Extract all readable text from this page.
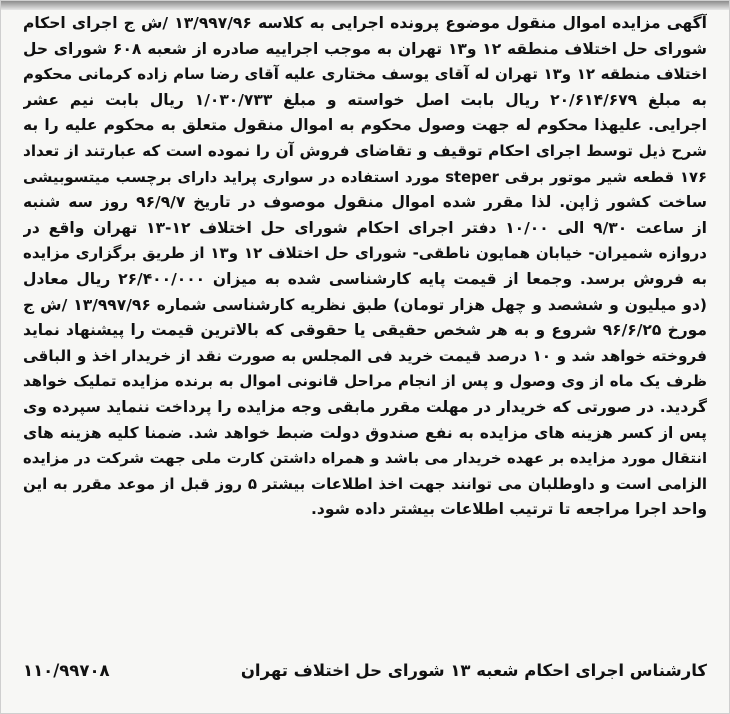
آگهی مزایده اموال منقول موضوع پرونده اجرایی به کلاسه ۱۳/۹۹۷/۹۶ /ش ج اجرای احکام
شورای حل اختلاف منطقه ۱۲ و۱۳ تهران به موجب اجراییه صادره از شعبه ۶۰۸ شورای حل
اختلاف منطقه ۱۲ و۱۳ تهران له آقای یوسف مختاری علیه آقای رضا سام زاده کرمانی محکوم
به مبلغ ۲۰/۶۱۴/۶۷۹ ریال بابت اصل خواسته و مبلغ ۱/۰۳۰/۷۳۳ ریال بابت نیم عشر
اجرایی. علیهذا محکوم له جهت وصول محکوم به اموال منقول متعلق به محکوم علیه را به
شرح ذیل توسط اجرای احکام توقیف و تقاضای فروش آن را نموده است که عبارتند از تعداد
۱۷۶ قطعه شیر موتور برقی steper مورد استفاده در سواری پراید دارای برچسب میتسوبیشی
ساخت کشور ژاپن. لذا مقرر شده اموال منقول موصوف در تاریخ ۹۶/۹/۷ روز سه شنبه
از ساعت ۹/۳۰ الی ۱۰/۰۰ دفتر اجرای احکام شورای حل اختلاف ۱۲-۱۳ تهران واقع در
دروازه شمیران- خیابان همایون ناطقی- شورای حل اختلاف ۱۲ و۱۳ از طریق برگزاری مزایده
به فروش برسد. وجمعا از قیمت پایه کارشناسی شده به میزان ۲۶/۴۰۰/۰۰۰ ریال معادل
(دو میلیون و ششصد و چهل هزار تومان) طبق نظریه کارشناسی شماره ۱۳/۹۹۷/۹۶ /ش ج
مورخ ۹۶/۶/۲۵ شروع و به هر شخص حقیقی یا حقوقی که بالاترین قیمت را پیشنهاد نماید
فروخته خواهد شد و ۱۰ درصد قیمت خرید فی المجلس به صورت نقد از خریدار اخذ و الباقی
ظرف یک ماه از وی وصول و پس از انجام مراحل قانونی اموال به برنده مزایده تملیک خواهد
گردید. در صورتی که خریدار در مهلت مقرر مابقی وجه مزایده را پرداخت ننماید سپرده وی
پس از کسر هزینه های مزایده به نفع صندوق دولت ضبط خواهد شد. ضمنا کلیه هزینه های
انتقال مورد مزایده بر عهده خریدار می باشد و همراه داشتن کارت ملی جهت شرکت در مزایده
الزامی است و داوطلبان می توانند جهت اخذ اطلاعات بیشتر ۵ روز قبل از موعد مقرر به این
واحد اجرا مراجعه تا ترتیب اطلاعات بیشتر داده شود.
کارشناس اجرای احکام شعبه ۱۳ شورای حل اختلاف تهران
۱۱۰/۹۹۷۰۸
